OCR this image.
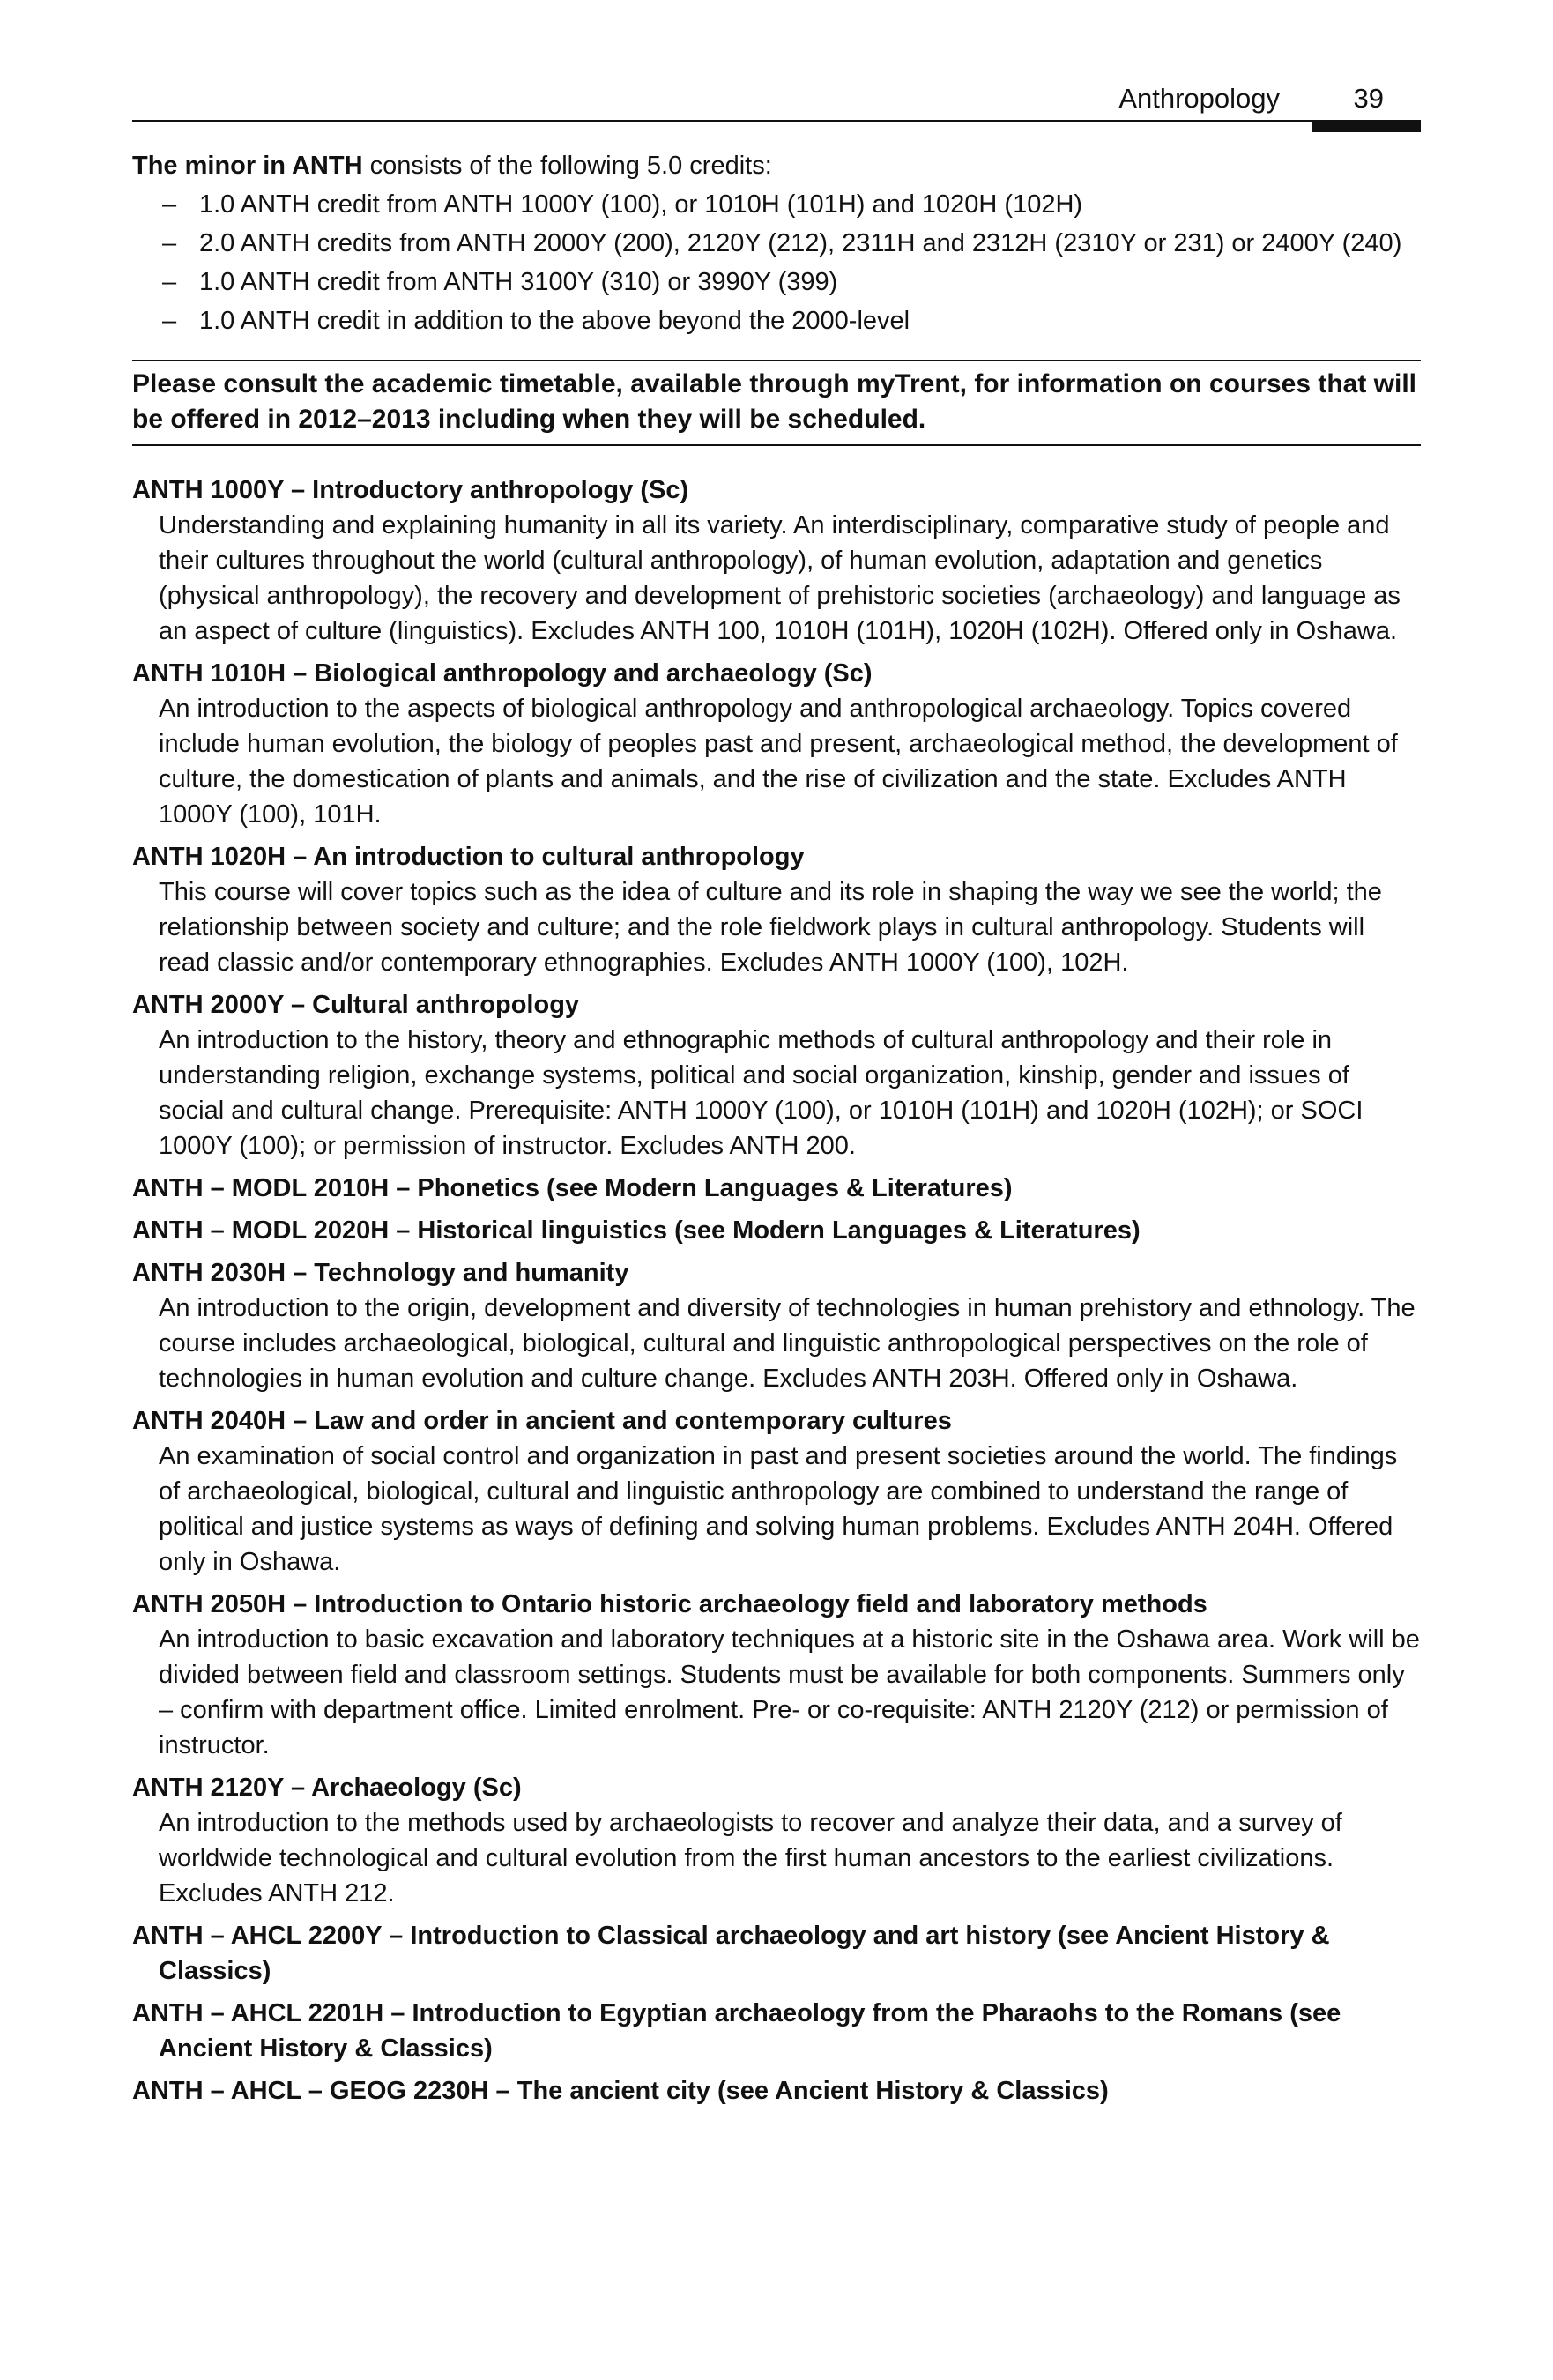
Anthropology	39
The minor in ANTH consists of the following 5.0 credits:
– 1.0 ANTH credit from ANTH 1000Y (100), or 1010H (101H) and 1020H (102H)
– 2.0 ANTH credits from ANTH 2000Y (200), 2120Y (212), 2311H and 2312H (2310Y or 231) or 2400Y (240)
– 1.0 ANTH credit from ANTH 3100Y (310) or 3990Y (399)
– 1.0 ANTH credit in addition to the above beyond the 2000-level
Please consult the academic timetable, available through myTrent, for information on courses that will be offered in 2012–2013 including when they will be scheduled.
ANTH 1000Y – Introductory anthropology (Sc)
Understanding and explaining humanity in all its variety. An interdisciplinary, comparative study of people and their cultures throughout the world (cultural anthropology), of human evolution, adaptation and genetics (physical anthropology), the recovery and development of prehistoric societies (archaeology) and language as an aspect of culture (linguistics). Excludes ANTH 100, 1010H (101H), 1020H (102H). Offered only in Oshawa.
ANTH 1010H – Biological anthropology and archaeology (Sc)
An introduction to the aspects of biological anthropology and anthropological archaeology. Topics covered include human evolution, the biology of peoples past and present, archaeological method, the development of culture, the domestication of plants and animals, and the rise of civilization and the state. Excludes ANTH 1000Y (100), 101H.
ANTH 1020H – An introduction to cultural anthropology
This course will cover topics such as the idea of culture and its role in shaping the way we see the world; the relationship between society and culture; and the role fieldwork plays in cultural anthropology. Students will read classic and/or contemporary ethnographies. Excludes ANTH 1000Y (100), 102H.
ANTH 2000Y – Cultural anthropology
An introduction to the history, theory and ethnographic methods of cultural anthropology and their role in understanding religion, exchange systems, political and social organization, kinship, gender and issues of social and cultural change. Prerequisite: ANTH 1000Y (100), or 1010H (101H) and 1020H (102H); or SOCI 1000Y (100); or permission of instructor. Excludes ANTH 200.
ANTH – MODL 2010H – Phonetics (see Modern Languages & Literatures)
ANTH – MODL 2020H – Historical linguistics (see Modern Languages & Literatures)
ANTH 2030H – Technology and humanity
An introduction to the origin, development and diversity of technologies in human prehistory and ethnology. The course includes archaeological, biological, cultural and linguistic anthropological perspectives on the role of technologies in human evolution and culture change. Excludes ANTH 203H. Offered only in Oshawa.
ANTH 2040H – Law and order in ancient and contemporary cultures
An examination of social control and organization in past and present societies around the world. The findings of archaeological, biological, cultural and linguistic anthropology are combined to understand the range of political and justice systems as ways of defining and solving human problems. Excludes ANTH 204H. Offered only in Oshawa.
ANTH 2050H – Introduction to Ontario historic archaeology field and laboratory methods
An introduction to basic excavation and laboratory techniques at a historic site in the Oshawa area. Work will be divided between field and classroom settings. Students must be available for both components. Summers only – confirm with department office. Limited enrolment. Pre- or co-requisite: ANTH 2120Y (212) or permission of instructor.
ANTH 2120Y – Archaeology (Sc)
An introduction to the methods used by archaeologists to recover and analyze their data, and a survey of worldwide technological and cultural evolution from the first human ancestors to the earliest civilizations. Excludes ANTH 212.
ANTH – AHCL 2200Y – Introduction to Classical archaeology and art history (see Ancient History & Classics)
ANTH – AHCL 2201H – Introduction to Egyptian archaeology from the Pharaohs to the Romans (see Ancient History & Classics)
ANTH – AHCL – GEOG 2230H – The ancient city (see Ancient History & Classics)
